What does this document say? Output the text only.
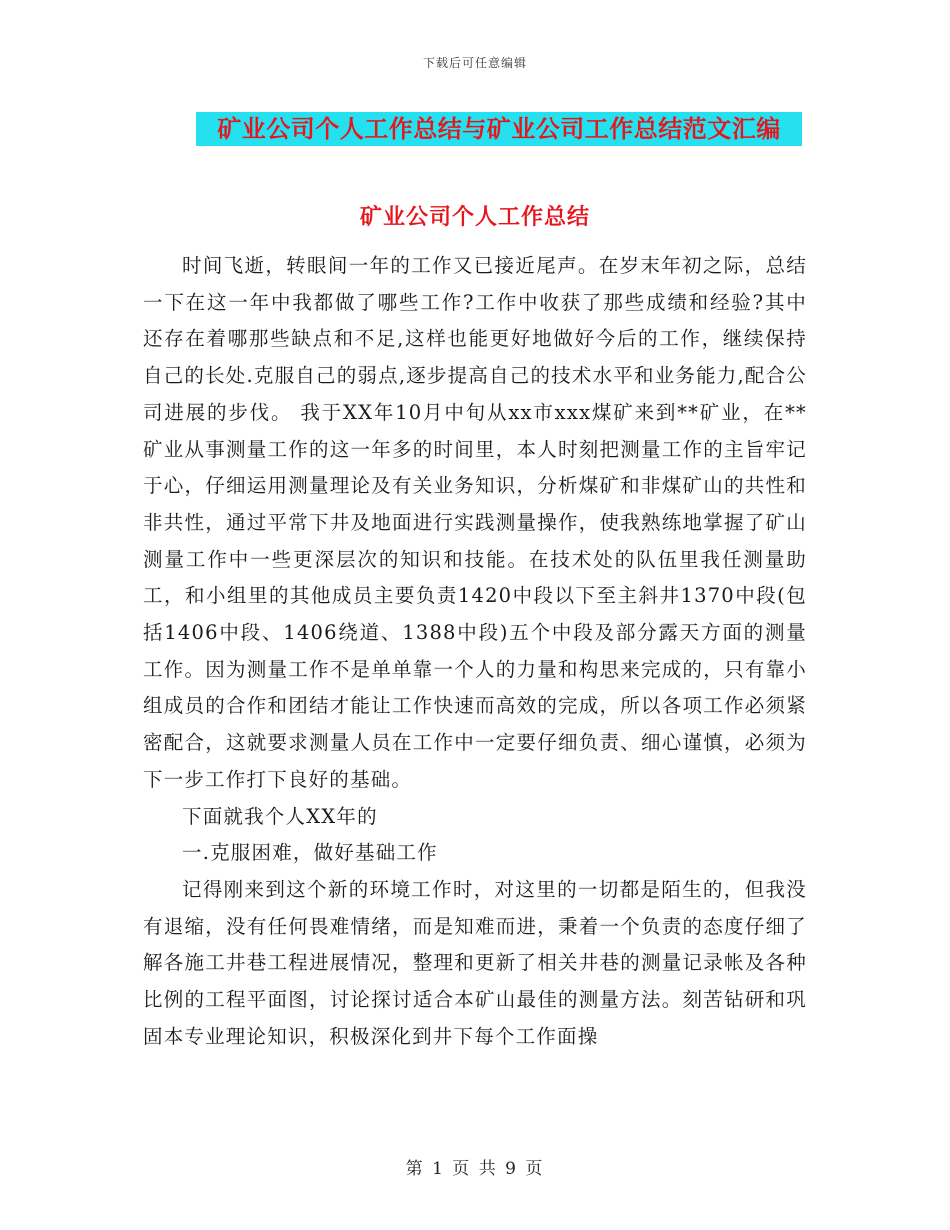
下载后可任意编辑
矿业公司个人工作总结与矿业公司工作总结范文汇编
矿业公司个人工作总结

时间飞逝，转眼间一年的工作又已接近尾声。在岁末年初之际，总结一下在这一年中我都做了哪些工作?工作中收获了那些成绩和经验?其中还存在着哪那些缺点和不足,这样也能更好地做好今后的工作，继续保持自己的长处.克服自己的弱点,逐步提高自己的技术水平和业务能力,配合公司进展的步伐。 我于XX年10月中旬从xx市xxx煤矿来到**矿业，在**矿业从事测量工作的这一年多的时间里，本人时刻把测量工作的主旨牢记于心，仔细运用测量理论及有关业务知识，分析煤矿和非煤矿山的共性和非共性，通过平常下井及地面进行实践测量操作，使我熟练地掌握了矿山测量工作中一些更深层次的知识和技能。在技术处的队伍里我任测量助工，和小组里的其他成员主要负责1420中段以下至主斜井1370中段(包括1406中段、1406绕道、1388中段)五个中段及部分露天方面的测量工作。因为测量工作不是单单靠一个人的力量和构思来完成的，只有靠小组成员的合作和团结才能让工作快速而高效的完成，所以各项工作必须紧密配合，这就要求测量人员在工作中一定要仔细负责、细心谨慎，必须为下一步工作打下良好的基础。

下面就我个人XX年的

一.克服困难，做好基础工作

记得刚来到这个新的环境工作时，对这里的一切都是陌生的，但我没有退缩，没有任何畏难情绪，而是知难而进，秉着一个负责的态度仔细了解各施工井巷工程进展情况，整理和更新了相关井巷的测量记录帐及各种比例的工程平面图，讨论探讨适合本矿山最佳的测量方法。刻苦钻研和巩固本专业理论知识，积极深化到井下每个工作面操

第 1 页 共 9 页
